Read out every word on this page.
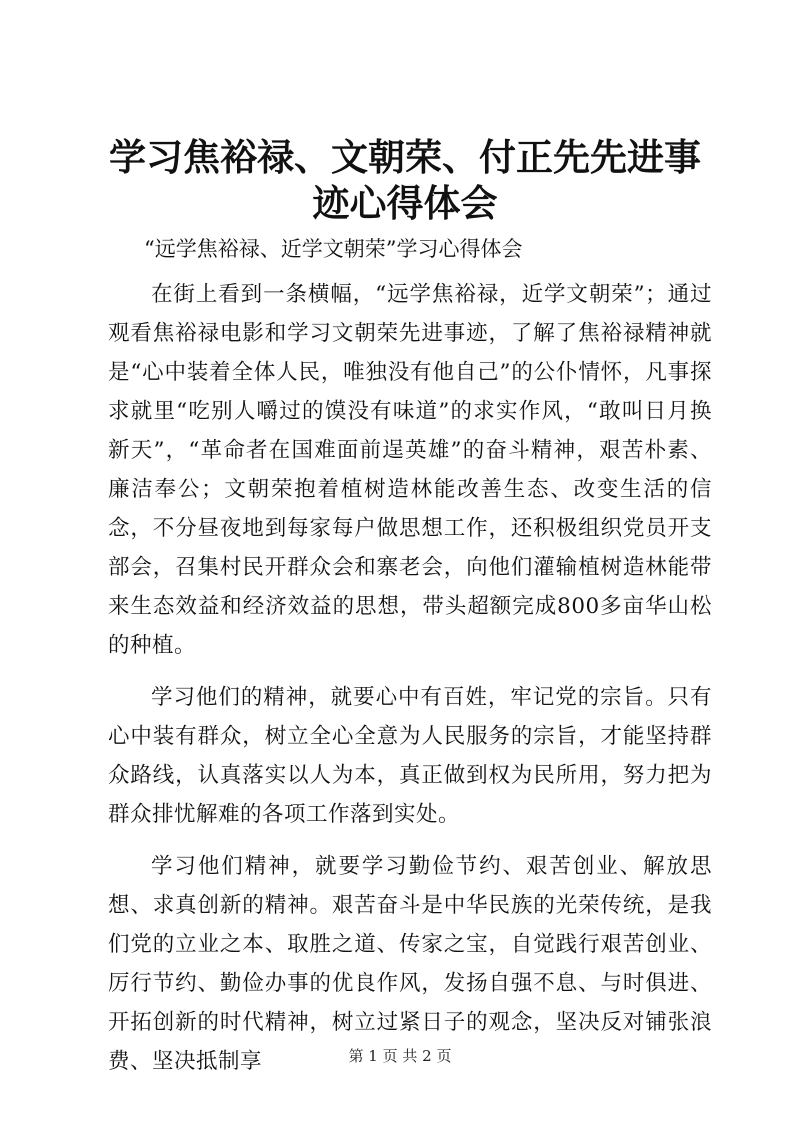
学习焦裕禄、文朝荣、付正先先进事迹心得体会

“远学焦裕禄、近学文朝荣”学习心得体会

在街上看到一条横幅，“远学焦裕禄，近学文朝荣”；通过观看焦裕禄电影和学习文朝荣先进事迹，了解了焦裕禄精神就是“心中装着全体人民，唯独没有他自己”的公仆情怀，凡事探求就里“吃别人嚼过的馍没有味道”的求实作风，“敢叫日月换新天”，“革命者在国难面前逞英雄”的奋斗精神，艰苦朴素、廉洁奉公；文朝荣抱着植树造林能改善生态、改变生活的信念，不分昼夜地到每家每户做思想工作，还积极组织党员开支部会，召集村民开群众会和寨老会，向他们灌输植树造林能带来生态效益和经济效益的思想，带头超额完成800多亩华山松的种植。

学习他们的精神，就要心中有百姓，牢记党的宗旨。只有心中装有群众，树立全心全意为人民服务的宗旨，才能坚持群众路线，认真落实以人为本，真正做到权为民所用，努力把为群众排忧解难的各项工作落到实处。

学习他们精神，就要学习勤俭节约、艰苦创业、解放思想、求真创新的精神。艰苦奋斗是中华民族的光荣传统，是我们党的立业之本、取胜之道、传家之宝，自觉践行艰苦创业、厉行节约、勤俭办事的优良作风，发扬自强不息、与时俱进、开拓创新的时代精神，树立过紧日子的观念，坚决反对铺张浪费、坚决抵制享	第 1 页 共 2 页
